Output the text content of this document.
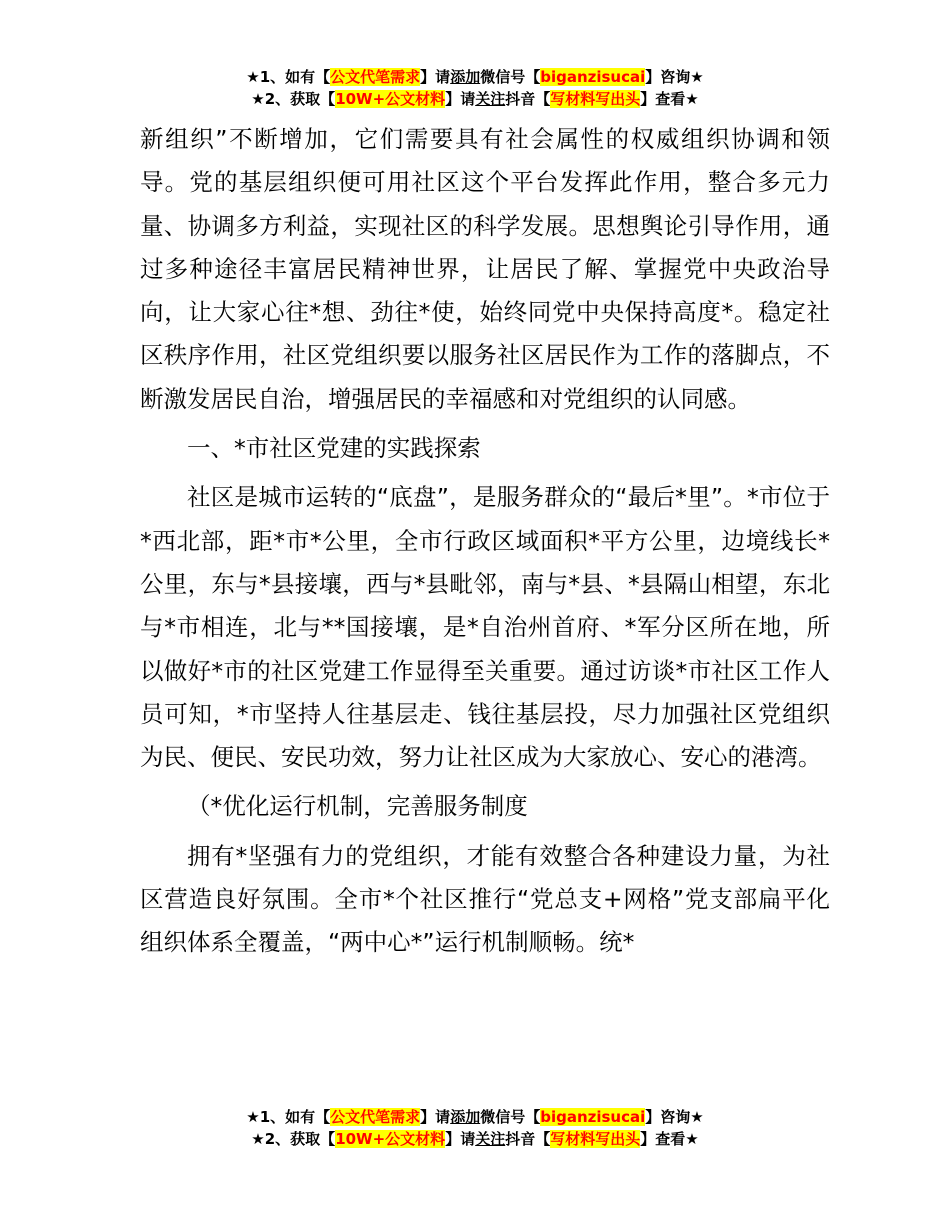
★1、如有【公文代笔需求】请添加微信号【biganzisucai】咨询★
★2、获取【10W+公文材料】请关注抖音【写材料写出头】查看★

新组织”不断增加，它们需要具有社会属性的权威组织协调和领导。党的基层组织便可用社区这个平台发挥此作用，整合多元力量、协调多方利益，实现社区的科学发展。思想舆论引导作用，通过多种途径丰富居民精神世界，让居民了解、掌握党中央政治导向，让大家心往*想、劲往*使，始终同党中央保持高度*。稳定社区秩序作用，社区党组织要以服务社区居民作为工作的落脚点，不断激发居民自治，增强居民的幸福感和对党组织的认同感。

一、*市社区党建的实践探索

社区是城市运转的“底盘”，是服务群众的“最后*里”。*市位于*西北部，距*市*公里，全市行政区域面积*平方公里，边境线长*公里，东与*县接壤，西与*县毗邻，南与*县、*县隔山相望，东北与*市相连，北与**国接壤，是*自治州首府、*军分区所在地，所以做好*市的社区党建工作显得至关重要。通过访谈*市社区工作人员可知，*市坚持人往基层走、钱往基层投，尽力加强社区党组织为民、便民、安民功效，努力让社区成为大家放心、安心的港湾。

（*优化运行机制，完善服务制度

拥有*坚强有力的党组织，才能有效整合各种建设力量，为社区营造良好氛围。全市*个社区推行“党总支+网格”党支部扁平化组织体系全覆盖，“两中心*”运行机制顺畅。统*

★1、如有【公文代笔需求】请添加微信号【biganzisucai】咨询★
★2、获取【10W+公文材料】请关注抖音【写材料写出头】查看★
